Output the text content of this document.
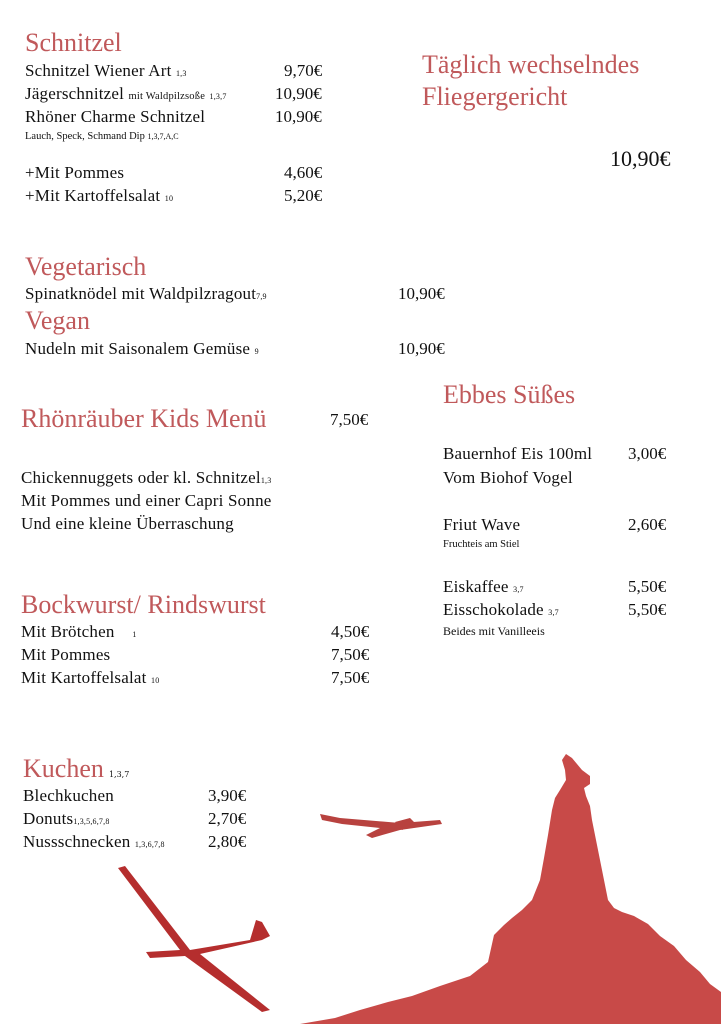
Schnitzel
Schnitzel Wiener Art 1,3	9,70€
Jägerschnitzel mit Waldpilzsoße 1,3,7	10,90€
Rhöner Charme Schnitzel	10,90€
Lauch, Speck, Schmand Dip 1,3,7,A,C
+Mit Pommes	4,60€
+Mit Kartoffelsalat 10	5,20€
Täglich wechselndes
Fliegergericht
10,90€
Vegetarisch
Spinatknödel mit Waldpilzragout7,9	10,90€
Vegan
Nudeln mit Saisonalem Gemüse 9	10,90€
Rhönräuber Kids Menü	7,50€
Chickennuggets oder kl. Schnitzel1,3
Mit Pommes und einer Capri Sonne
Und eine kleine Überraschung
Bockwurst/ Rindswurst
Mit Brötchen 1	4,50€
Mit Pommes	7,50€
Mit Kartoffelsalat 10	7,50€
Ebbes Süßes
Bauernhof Eis 100ml 3,00€
Vom Biohof Vogel
Friut Wave	2,60€
Fruchteis am Stiel
Eiskaffee 3,7	5,50€
Eisschokolade 3,7	5,50€
Beides mit Vanilleeis
Kuchen 1,3,7
Blechkuchen	3,90€
Donuts1,3,5,6,7,8	2,70€
Nussschnecken 1,3,6,7,8	2,80€
